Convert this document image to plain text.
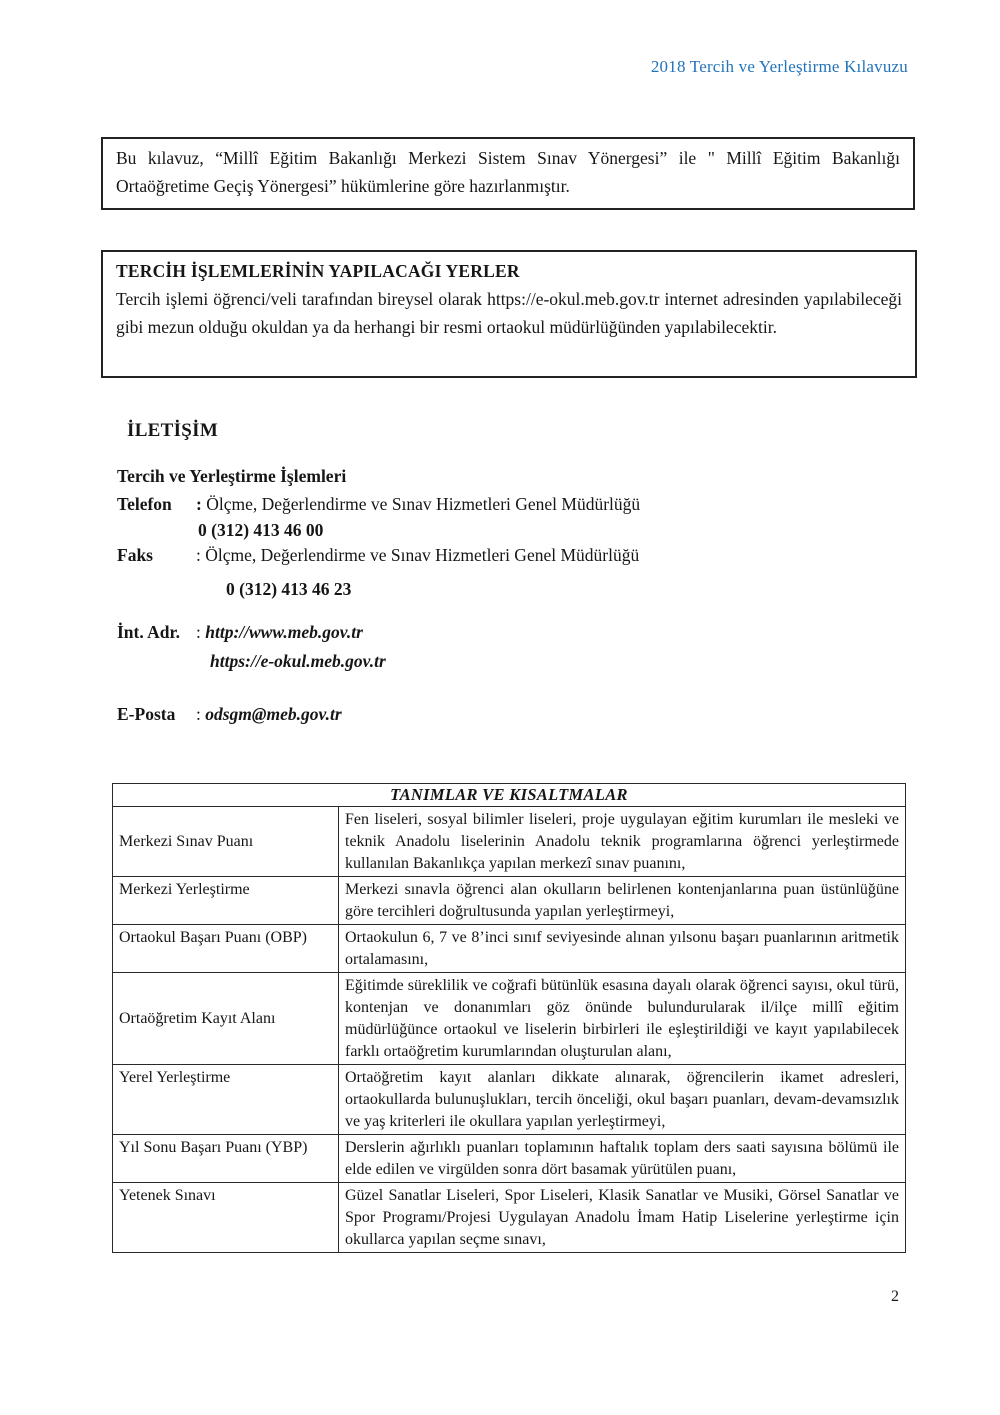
2018 Tercih ve Yerleştirme Kılavuzu

Bu kılavuz, “Millî Eğitim Bakanlığı Merkezi Sistem Sınav Yönergesi” ile " Millî Eğitim Bakanlığı Ortaöğretime Geçiş Yönergesi” hükümlerine göre hazırlanmıştır.

TERCİH İŞLEMLERİNİN YAPILACAĞI YERLER

Tercih işlemi öğrenci/veli tarafından bireysel olarak https://e-okul.meb.gov.tr internet adresinden yapılabileceği gibi mezun olduğu okuldan ya da herhangi bir resmi ortaokul müdürlüğünden yapılabilecektir.

İLETİŞİM
Tercih ve Yerleştirme İşlemleri
Telefon	: Ölçme, Değerlendirme ve Sınav Hizmetleri Genel Müdürlüğü
0 (312) 413 46 00
Faks	: Ölçme, Değerlendirme ve Sınav Hizmetleri Genel Müdürlüğü
0 (312) 413 46 23
İnt. Adr. : http://www.meb.gov.tr
https://e-okul.meb.gov.tr
E-Posta	: odsgm@meb.gov.tr
TANIMLAR VE KISALTMALAR	
Merkezi Sınav Puanı	Fen liseleri, sosyal bilimler liseleri, proje uygulayan eğitim kurumları ile mesleki ve teknik Anadolu liselerinin Anadolu teknik programlarına öğrenci yerleştirmede kullanılan Bakanlıkça yapılan merkezî sınav puanını,
Merkezi Yerleştirme	Merkezi sınavla öğrenci alan okulların belirlenen kontenjanlarına puan üstünlüğüne göre tercihleri doğrultusunda yapılan yerleştirmeyi,
Ortaokul Başarı Puanı (OBP)	Ortaokulun 6, 7 ve 8’inci sınıf seviyesinde alınan yılsonu başarı puanlarının aritmetik ortalamasını,
Ortaöğretim Kayıt Alanı	Eğitimde süreklilik ve coğrafi bütünlük esasına dayalı olarak öğrenci sayısı, okul türü, kontenjan ve donanımları göz önünde bulundurularak il/ilçe millî eğitim müdürlüğünce ortaokul ve liselerin birbirleri ile eşleştirildiği ve kayıt yapılabilecek farklı ortaöğretim kurumlarından oluşturulan alanı,
Yerel Yerleştirme	Ortaöğretim kayıt alanları dikkate alınarak, öğrencilerin ikamet adresleri, ortaokullarda bulunuşlukları, tercih önceliği, okul başarı puanları, devam-devamsızlık ve yaş kriterleri ile okullara yapılan yerleştirmeyi,
Yıl Sonu Başarı Puanı (YBP)	Derslerin ağırlıklı puanları toplamının haftalık toplam ders saati sayısına bölümü ile elde edilen ve virgülden sonra dört basamak yürütülen puanı,
Yetenek Sınavı	Güzel Sanatlar Liseleri, Spor Liseleri, Klasik Sanatlar ve Musiki, Görsel Sanatlar ve Spor Programı/Projesi Uygulayan Anadolu İmam Hatip Liselerine yerleştirme için okullarca yapılan seçme sınavı,
2
